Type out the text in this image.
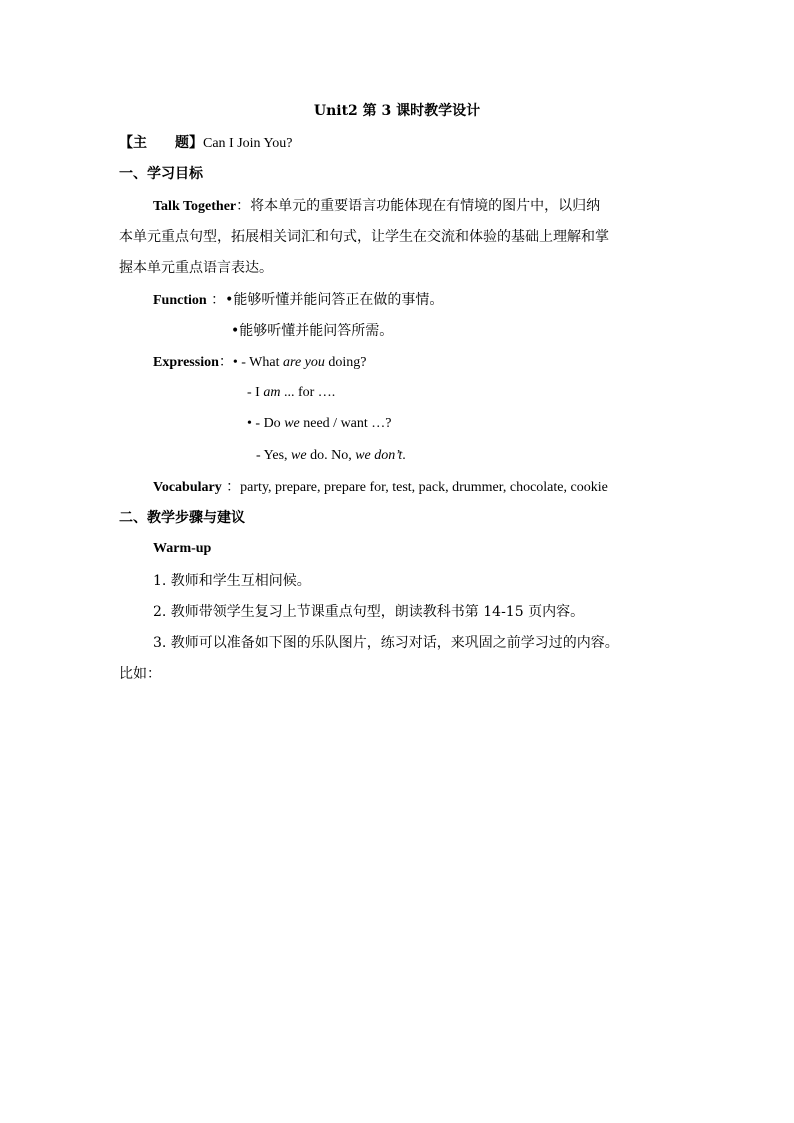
Unit2 第 3 课时教学设计
【主 题】Can I Join You?
一、学习目标
Talk Together：将本单元的重要语言功能体现在有情境的图片中，以归纳
本单元重点句型，拓展相关词汇和句式，让学生在交流和体验的基础上理解和掌
握本单元重点语言表达。
Function ：•能够听懂并能问答正在做的事情。
•能够听懂并能问答所需。
Expression：• - What are you doing?
- I am ... for ….
• - Do we need / want …?
- Yes, we do. No, we don’t.
Vocabulary ：party, prepare, prepare for, test, pack, drummer, chocolate, cookie
二、教学步骤与建议
Warm-up
1. 教师和学生互相问候。
2. 教师带领学生复习上节课重点句型，朗读教科书第 14-15 页内容。
3. 教师可以准备如下图的乐队图片，练习对话，来巩固之前学习过的内容。
比如：
